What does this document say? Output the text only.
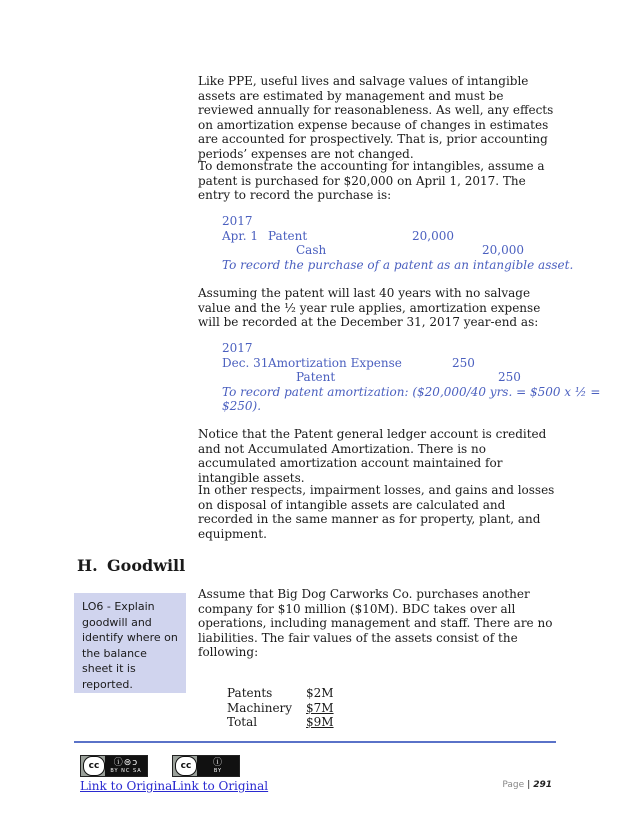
Like PPE, useful lives and salvage values of intangible assets are estimated by management and must be reviewed annually for reasonableness. As well, any effects on amortization expense because of changes in estimates are accounted for prospectively. That is, prior accounting periods’ expenses are not changed.

To demonstrate the accounting for intangibles, assume a patent is purchased for $20,000 on April 1, 2017. The entry to record the purchase is:

2017
Apr. 1 Patent	20,000
Cash	20,000
To record the purchase of a patent as an intangible asset.

Assuming the patent will last 40 years with no salvage value and the ½ year rule applies, amortization expense will be recorded at the December 31, 2017 year-end as:

2017
Dec. 31 Amortization Expense	250
Patent	250
To record patent amortization: ($20,000/40 yrs. = $500 x ½ =
$250).

Notice that the Patent general ledger account is credited and not Accumulated Amortization. There is no accumulated amortization account maintained for intangible assets.

In other respects, impairment losses, and gains and losses on disposal of intangible assets are calculated and recorded in the same manner as for property, plant, and equipment.

H. Goodwill
LO6 - Explain goodwill and identify where on the balance sheet it is reported.

Assume that Big Dog Carworks Co. purchases another company for $10 million ($10M). BDC takes over all operations, including management and staff. There are no liabilities. The fair values of the assets consist of the following:

Patents	$2M
Machinery $7M
Total	$9M
cc	ⓘ⊜ↄ
BY NC SA	cc	ⓘ
BY
Link to Original
Link to Original	Page | 291
